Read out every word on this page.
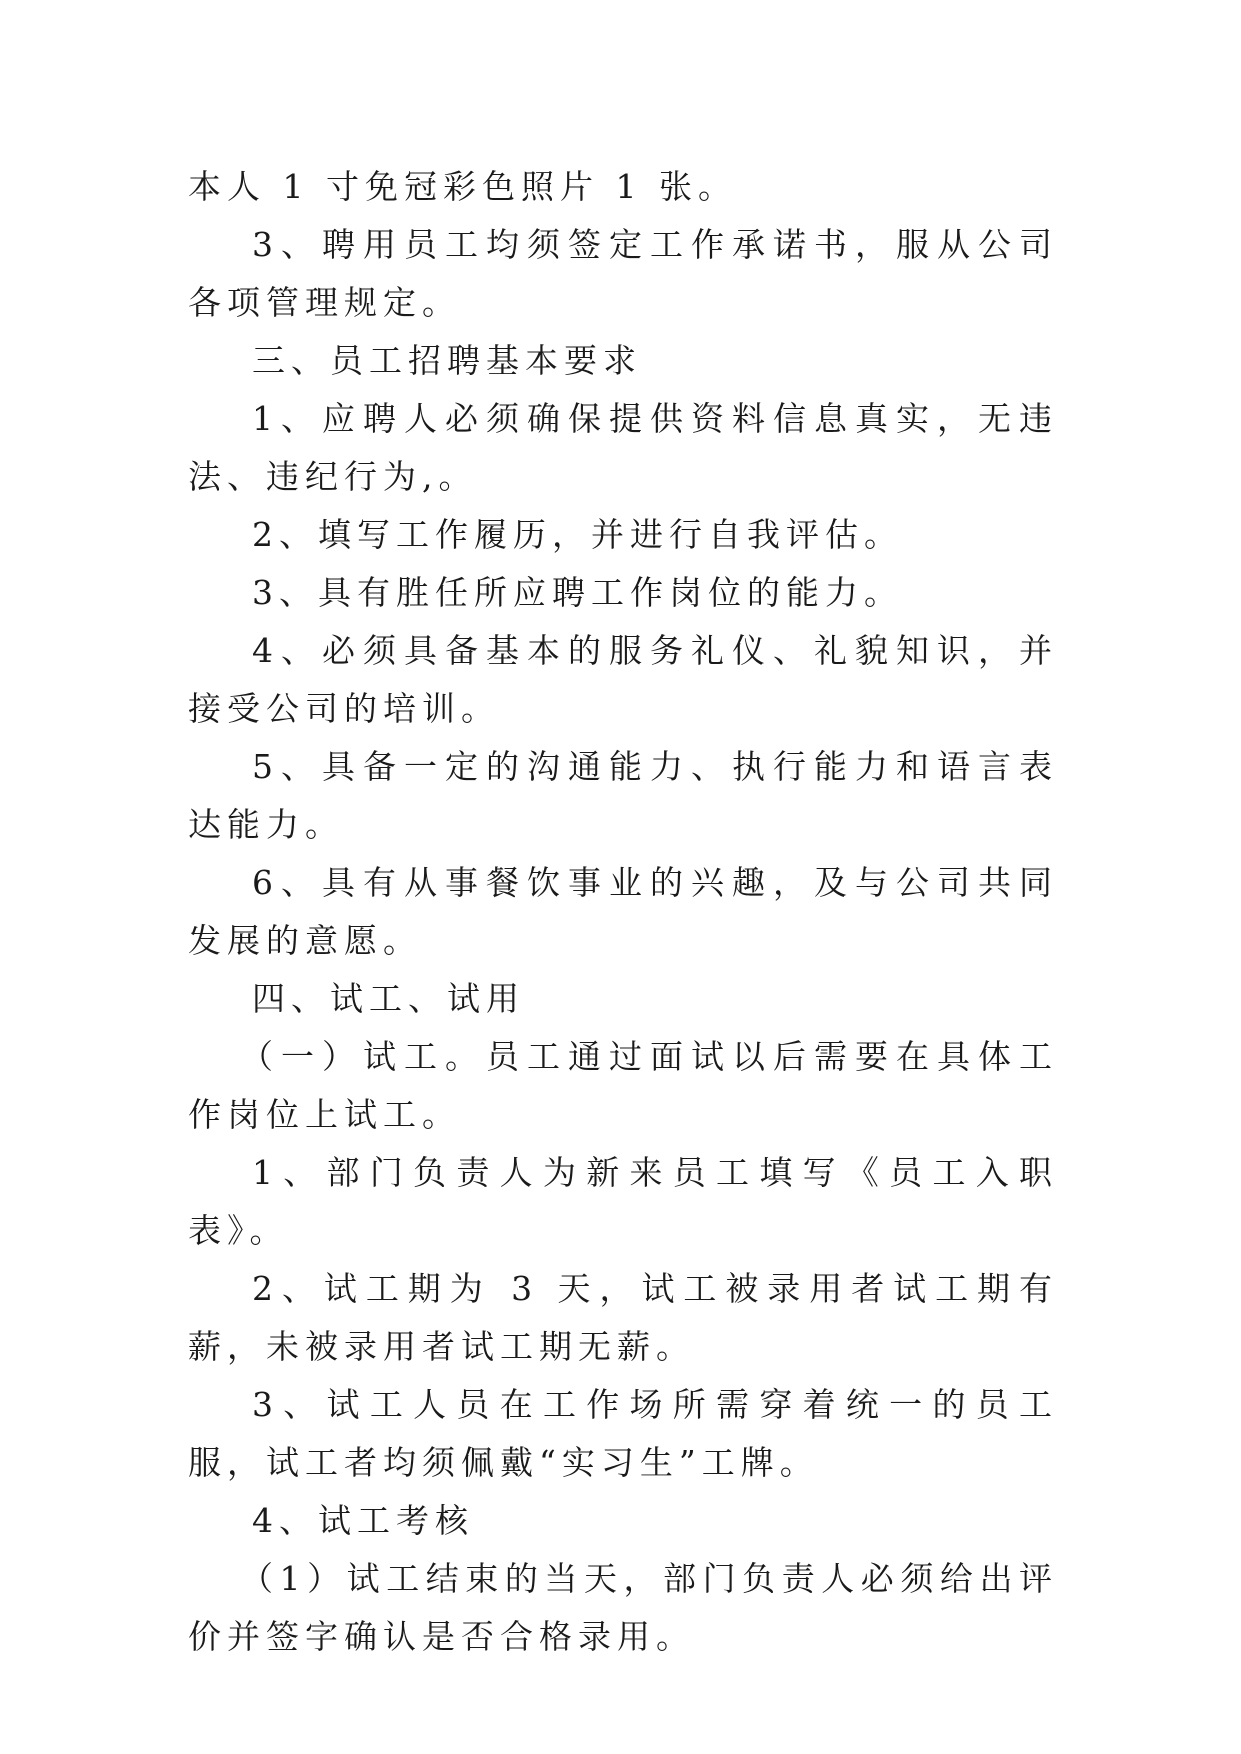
本人 1 寸免冠彩色照片 1 张。

3、聘用员工均须签定工作承诺书，服从公司各项管理规定。

三、员工招聘基本要求

1、应聘人必须确保提供资料信息真实，无违法、违纪行为,。

2、填写工作履历，并进行自我评估。

3、具有胜任所应聘工作岗位的能力。

4、必须具备基本的服务礼仪、礼貌知识，并接受公司的培训。

5、具备一定的沟通能力、执行能力和语言表达能力。

6、具有从事餐饮事业的兴趣，及与公司共同发展的意愿。

四、试工、试用

（一）试工。员工通过面试以后需要在具体工作岗位上试工。

1、部门负责人为新来员工填写《员工入职表》。

2、试工期为 3 天，试工被录用者试工期有薪，未被录用者试工期无薪。

3、试工人员在工作场所需穿着统一的员工服，试工者均须佩戴“实习生”工牌。

4、试工考核

（1）试工结束的当天，部门负责人必须给出评价并签字确认是否合格录用。
